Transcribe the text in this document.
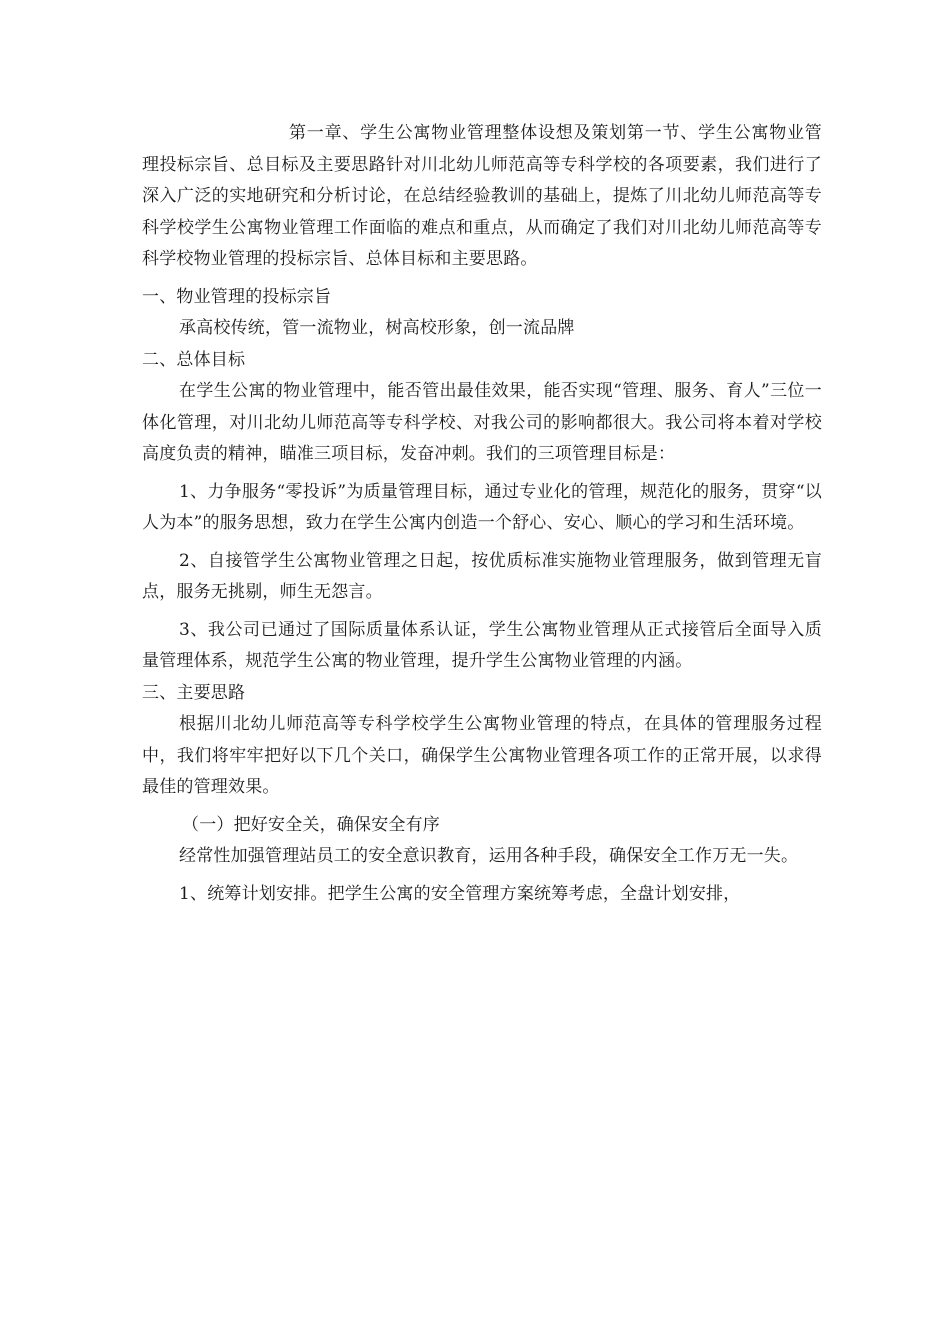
第一章、学生公寓物业管理整体设想及策划第一节、学生公寓物业管理投标宗旨、总目标及主要思路针对川北幼儿师范高等专科学校的各项要素，我们进行了深入广泛的实地研究和分析讨论，在总结经验教训的基础上，提炼了川北幼儿师范高等专科学校学生公寓物业管理工作面临的难点和重点，从而确定了我们对川北幼儿师范高等专科学校物业管理的投标宗旨、总体目标和主要思路。

一、物业管理的投标宗旨

承高校传统，管一流物业，树高校形象，创一流品牌

二、总体目标

在学生公寓的物业管理中，能否管出最佳效果，能否实现“管理、服务、育人”三位一体化管理，对川北幼儿师范高等专科学校、对我公司的影响都很大。我公司将本着对学校高度负责的精神，瞄准三项目标，发奋冲刺。我们的三项管理目标是：

1、力争服务“零投诉”为质量管理目标，通过专业化的管理，规范化的服务，贯穿“以人为本”的服务思想，致力在学生公寓内创造一个舒心、安心、顺心的学习和生活环境。

2、自接管学生公寓物业管理之日起，按优质标准实施物业管理服务，做到管理无盲点，服务无挑剔，师生无怨言。

3、我公司已通过了国际质量体系认证，学生公寓物业管理从正式接管后全面导入质量管理体系，规范学生公寓的物业管理，提升学生公寓物业管理的内涵。

三、主要思路

根据川北幼儿师范高等专科学校学生公寓物业管理的特点，在具体的管理服务过程中，我们将牢牢把好以下几个关口，确保学生公寓物业管理各项工作的正常开展，以求得最佳的管理效果。

（一）把好安全关，确保安全有序

经常性加强管理站员工的安全意识教育，运用各种手段，确保安全工作万无一失。

1、统筹计划安排。把学生公寓的安全管理方案统筹考虑，全盘计划安排，
